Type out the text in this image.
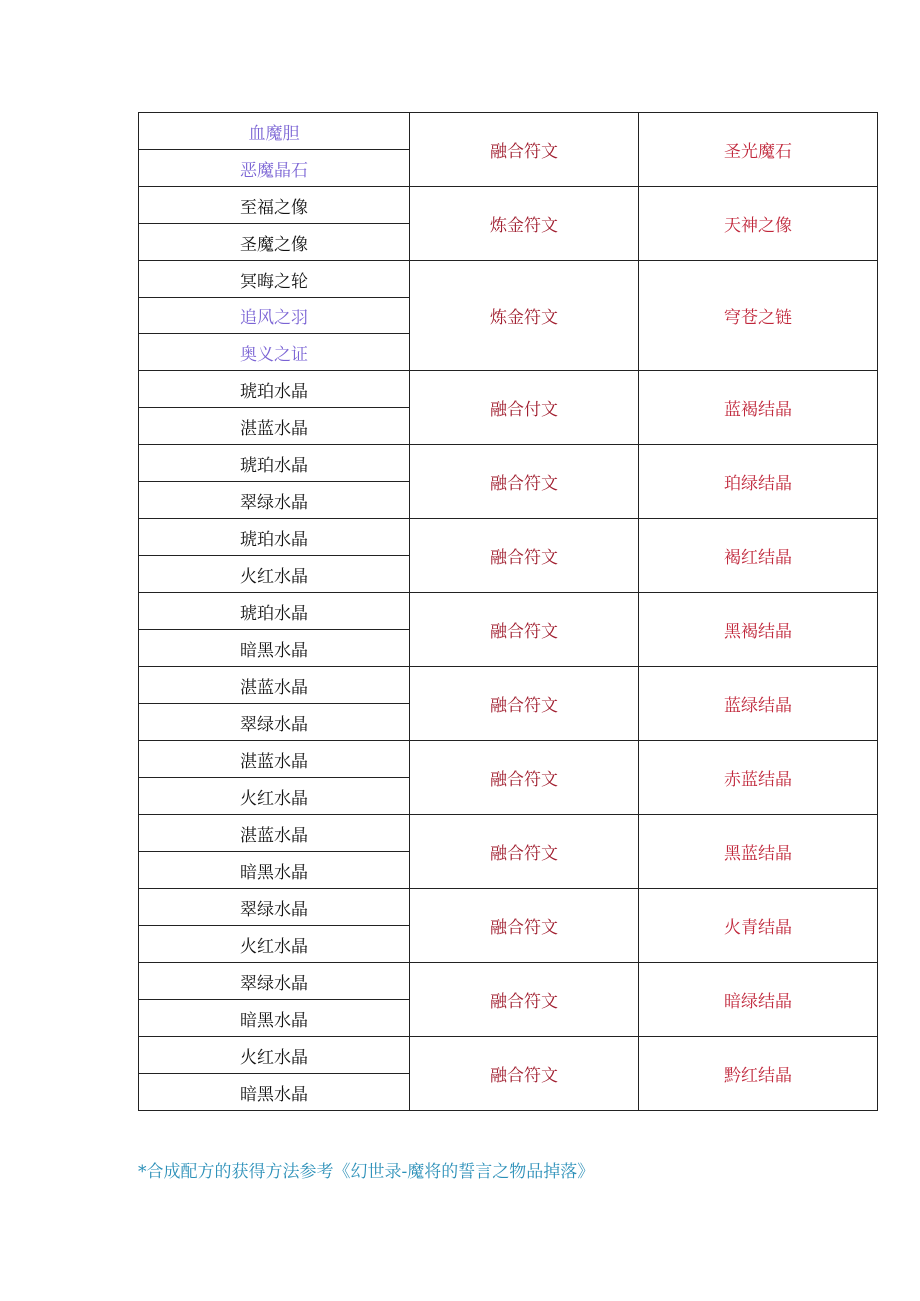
血魔胆	融合符文	圣光魔石
恶魔晶石		
至福之像	炼金符文	天神之像
圣魔之像		
冥晦之轮	炼金符文	穹苍之链
追风之羽		
奥义之证		
琥珀水晶	融合付文	蓝褐结晶
湛蓝水晶		
琥珀水晶	融合符文	珀绿结晶
翠绿水晶		
琥珀水晶	融合符文	褐红结晶
火红水晶		
琥珀水晶	融合符文	黑褐结晶
暗黑水晶		
湛蓝水晶	融合符文	蓝绿结晶
翠绿水晶		
湛蓝水晶	融合符文	赤蓝结晶
火红水晶		
湛蓝水晶	融合符文	黑蓝结晶
暗黑水晶		
翠绿水晶	融合符文	火青结晶
火红水晶		
翠绿水晶	融合符文	暗绿结晶
暗黑水晶		
火红水晶	融合符文	黔红结晶
暗黑水晶		
*合成配方的获得方法参考《幻世录-魔将的誓言之物品掉落》
